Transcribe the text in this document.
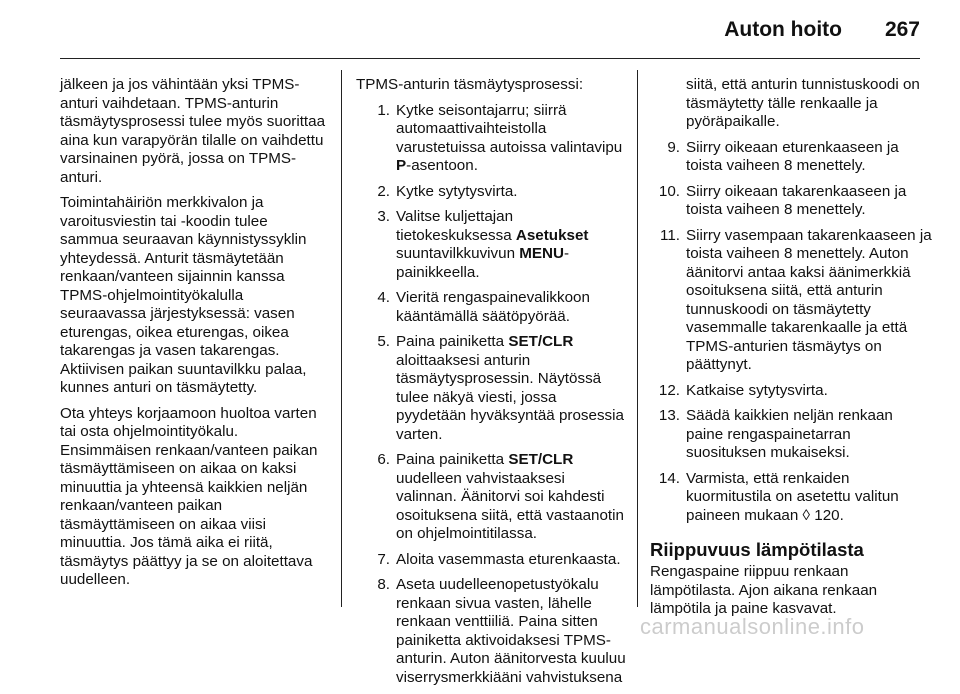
Auton hoito 267

jälkeen ja jos vähintään yksi TPMS-anturi vaihdetaan. TPMS-anturin täsmäytysprosessi tulee myös suorittaa aina kun varapyörän tilalle on vaihdettu varsinainen pyörä, jossa on TPMS-anturi.

Toimintahäiriön merkkivalon ja varoitusviestin tai -koodin tulee sammua seuraavan käynnistyssyklin yhteydessä. Anturit täsmäytetään renkaan/vanteen sijainnin kanssa TPMS-ohjelmointityökalulla seuraavassa järjestyksessä: vasen eturengas, oikea eturengas, oikea takarengas ja vasen takarengas. Aktiivisen paikan suuntavilkku palaa, kunnes anturi on täsmäytetty.

Ota yhteys korjaamoon huoltoa varten tai osta ohjelmointityökalu. Ensimmäisen renkaan/vanteen paikan täsmäyttämiseen on aikaa on kaksi minuuttia ja yhteensä kaikkien neljän renkaan/vanteen paikan täsmäyttämiseen on aikaa viisi minuuttia. Jos tämä aika ei riitä, täsmäytys päättyy ja se on aloitettava uudelleen.

TPMS-anturin täsmäytysprosessi:

1. Kytke seisontajarru; siirrä automaattivaihteistolla varustetuissa autoissa valintavipu P-asentoon.
2. Kytke sytytysvirta.
3. Valitse kuljettajan tietokeskuksessa Asetukset suuntavilkkuvivun MENU-painikkeella.
4. Vieritä rengaspainevalikkoon kääntämällä säätöpyörää.
5. Paina painiketta SET/CLR aloittaaksesi anturin täsmäytysprosessin. Näytössä tulee näkyä viesti, jossa pyydetään hyväksyntää prosessia varten.
6. Paina painiketta SET/CLR uudelleen vahvistaaksesi valinnan. Äänitorvi soi kahdesti osoituksena siitä, että vastaanotin on ohjelmointitilassa.
7. Aloita vasemmasta eturenkaasta.
8. Aseta uudelleenopetustyökalu renkaan sivua vasten, lähelle renkaan venttiiliä. Paina sitten painiketta aktivoidaksesi TPMS-anturin. Auton äänitorvesta kuuluu viserrysmerkkiääni vahvistuksena

siitä, että anturin tunnistuskoodi on täsmäytetty tälle renkaalle ja pyöräpaikalle.

9. Siirry oikeaan eturenkaaseen ja toista vaiheen 8 menettely.
10. Siirry oikeaan takarenkaaseen ja toista vaiheen 8 menettely.
11. Siirry vasempaan takarenkaaseen ja toista vaiheen 8 menettely. Auton äänitorvi antaa kaksi äänimerkkiä osoituksena siitä, että anturin tunnuskoodi on täsmäytetty vasemmalle takarenkaalle ja että TPMS-anturien täsmäytys on päättynyt.
12. Katkaise sytytysvirta.
13. Säädä kaikkien neljän renkaan paine rengaspainetarran suosituksen mukaiseksi.
14. Varmista, että renkaiden kuormitustila on asetettu valitun paineen mukaan ◊ 120.
Riippuvuus lämpötilasta

Rengaspaine riippuu renkaan lämpötilasta. Ajon aikana renkaan lämpötila ja paine kasvavat.

carmanualsonline.info
